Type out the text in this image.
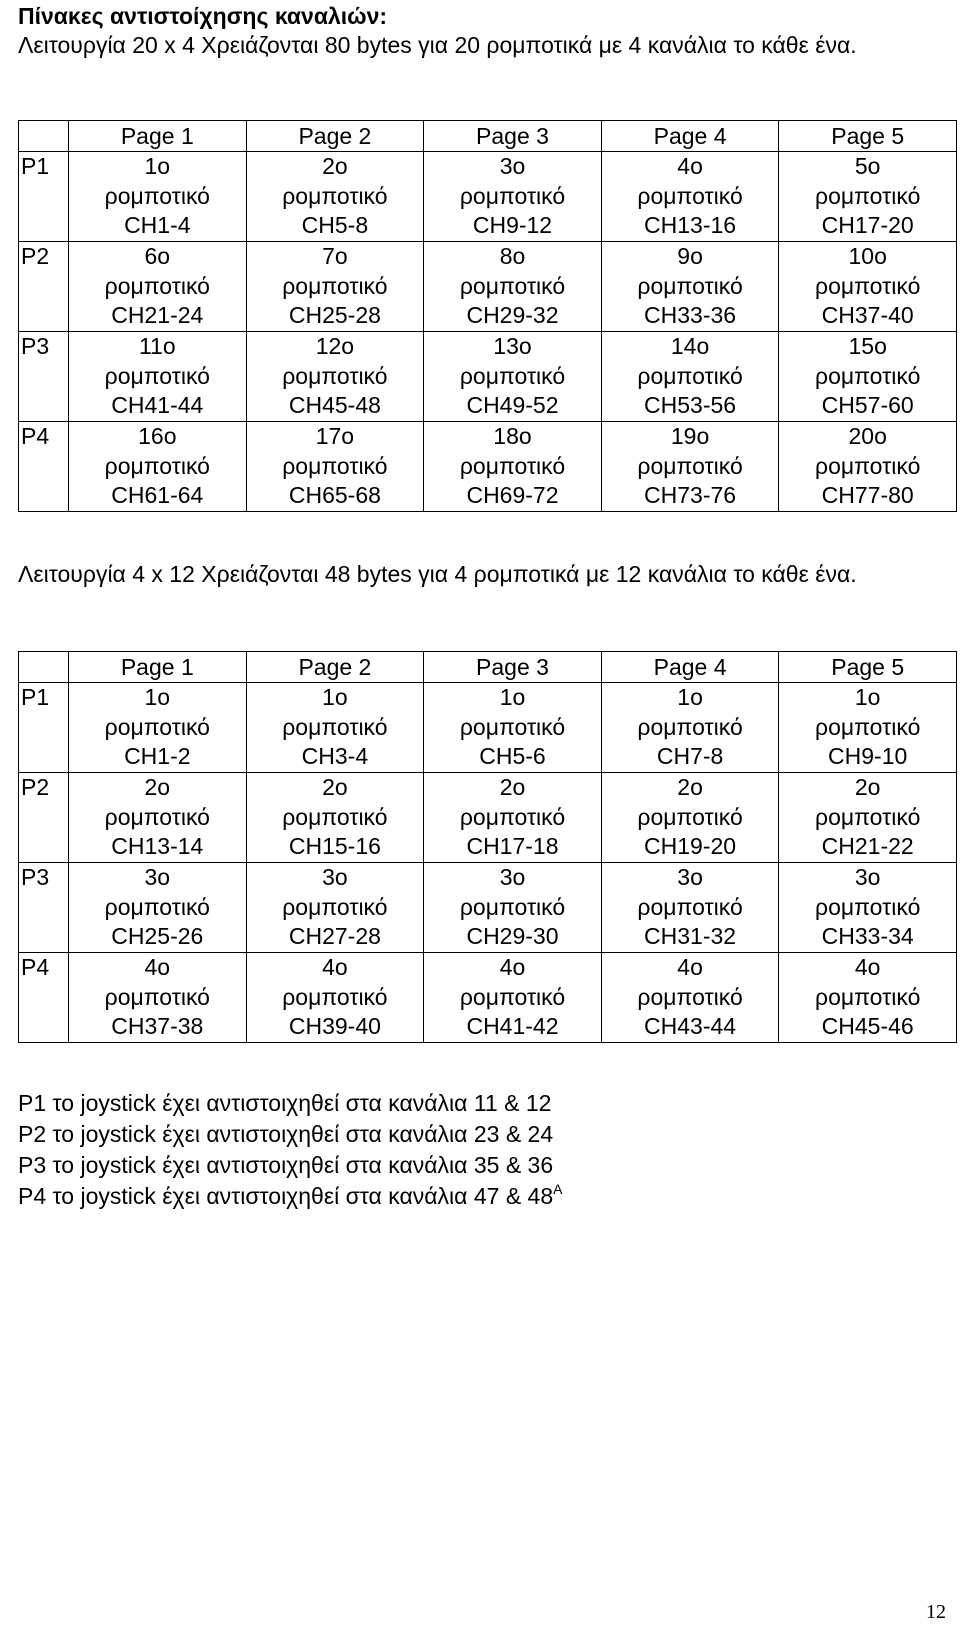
Πίνακες αντιστοίχησης καναλιών:
Λειτουργία 20 x 4 Χρειάζονται 80 bytes για 20 ρομποτικά με 4 κανάλια το κάθε ένα.
	Page 1	Page 2	Page 3	Page 4	Page 5
P1	1ο
ρομποτικό
CH1-4	2ο
ρομποτικό
CH5-8	3ο
ρομποτικό
CH9-12	4ο
ρομποτικό
CH13-16	5ο
ρομποτικό
CH17-20

P2	6ο
ρομποτικό
CH21-24	7ο
ρομποτικό
CH25-28	8ο
ρομποτικό
CH29-32	9ο
ρομποτικό
CH33-36	10ο
ρομποτικό
CH37-40

P3	11ο
ρομποτικό
CH41-44	12ο
ρομποτικό
CH45-48	13ο
ρομποτικό
CH49-52	14ο
ρομποτικό
CH53-56	15ο
ρομποτικό
CH57-60

P4	16ο
ρομποτικό
CH61-64	17ο
ρομποτικό
CH65-68	18ο
ρομποτικό
CH69-72	19ο
ρομποτικό
CH73-76	20ο
ρομποτικό
CH77-80
Λειτουργία 4 x 12 Χρειάζονται 48 bytes για 4 ρομποτικά με 12 κανάλια το κάθε ένα.
	Page 1	Page 2	Page 3	Page 4	Page 5
P1	1ο
ρομποτικό
CH1-2	1ο
ρομποτικό
CH3-4	1ο
ρομποτικό
CH5-6	1ο
ρομποτικό
CH7-8	1ο
ρομποτικό
CH9-10

P2	2ο
ρομποτικό
CH13-14	2ο
ρομποτικό
CH15-16	2ο
ρομποτικό
CH17-18	2ο
ρομποτικό
CH19-20	2ο
ρομποτικό
CH21-22

P3	3ο
ρομποτικό
CH25-26	3ο
ρομποτικό
CH27-28	3ο
ρομποτικό
CH29-30	3ο
ρομποτικό
CH31-32	3ο
ρομποτικό
CH33-34

P4	4ο
ρομποτικό
CH37-38	4ο
ρομποτικό
CH39-40	4ο
ρομποτικό
CH41-42	4ο
ρομποτικό
CH43-44	4ο
ρομποτικό
CH45-46
P1 το joystick έχει αντιστοιχηθεί στα κανάλια 11 & 12
P2 το joystick έχει αντιστοιχηθεί στα κανάλια 23 & 24
P3 το joystick έχει αντιστοιχηθεί στα κανάλια 35 & 36
P4 το joystick έχει αντιστοιχηθεί στα κανάλια 47 & $48^A$
12
